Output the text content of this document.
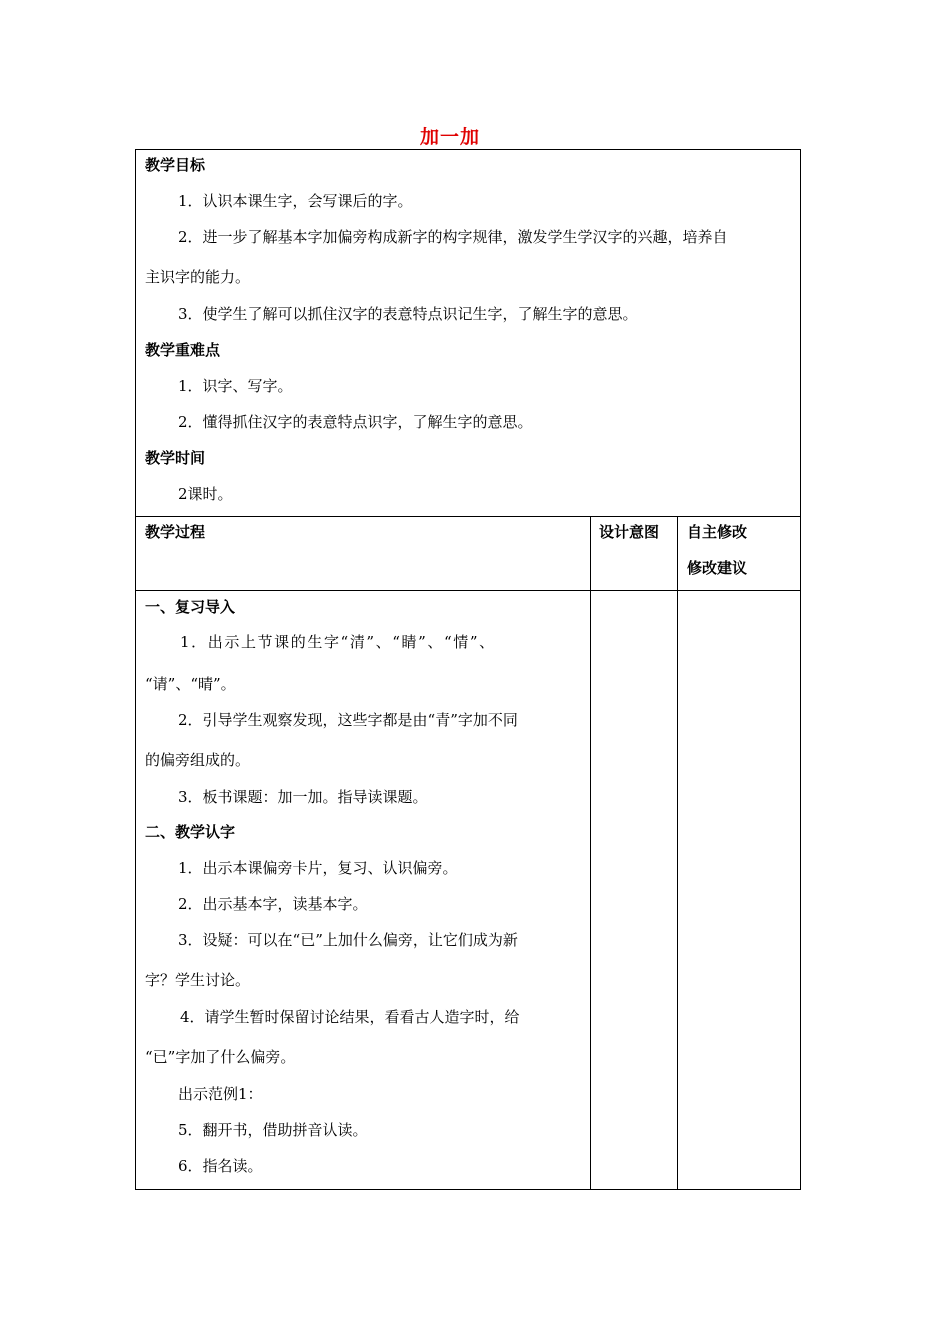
加一加
教学目标
1．认识本课生字，会写课后的字。
2．进一步了解基本字加偏旁构成新字的构字规律，激发学生学汉字的兴趣，培养自
主识字的能力。
3．使学生了解可以抓住汉字的表意特点识记生字，了解生字的意思。
教学重难点
1．识字、写字。
2．懂得抓住汉字的表意特点识字，了解生字的意思。
教学时间
2课时。
教学过程	设计意图 自主修改
修改建议
一、复习导入
1．出示上节课的生字“清”、“睛”、“情”、
“请”、“晴”。
2．引导学生观察发现，这些字都是由“青”字加不同
的偏旁组成的。
3．板书课题：加一加。指导读课题。
二、教学认字
1．出示本课偏旁卡片，复习、认识偏旁。
2．出示基本字，读基本字。
3．设疑：可以在“已”上加什么偏旁，让它们成为新
字？学生讨论。
4．请学生暂时保留讨论结果，看看古人造字时，给
“已”字加了什么偏旁。
出示范例1：
5．翻开书，借助拼音认读。
6．指名读。
